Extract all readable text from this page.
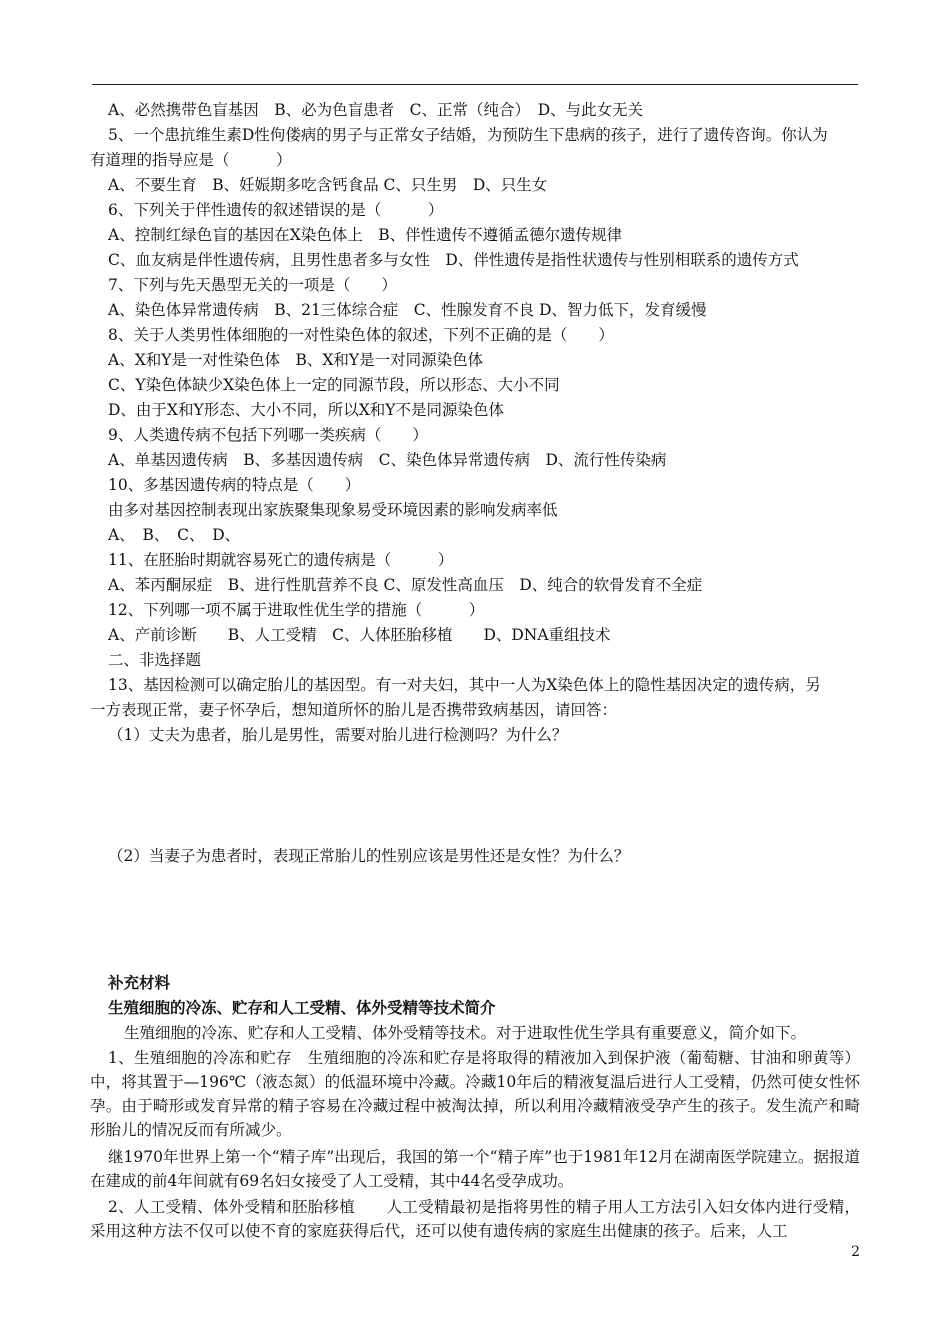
A、必然携带色盲基因　B、必为色盲患者　C、正常（纯合）　D、与此女无关
5、一个患抗维生素D性佝偻病的男子与正常女子结婚，为预防生下患病的孩子，进行了遗传咨询。你认为
有道理的指导应是（　　　）
A、不要生育　B、妊娠期多吃含钙食品 C、只生男　D、只生女
6、下列关于伴性遗传的叙述错误的是（　　　）
A、控制红绿色盲的基因在X染色体上　B、伴性遗传不遵循孟德尔遗传规律
C、血友病是伴性遗传病，且男性患者多与女性　D、伴性遗传是指性状遗传与性别相联系的遗传方式
7、下列与先天愚型无关的一项是（　　）
A、染色体异常遗传病　B、21三体综合症　C、性腺发育不良 D、智力低下，发育缓慢
8、关于人类男性体细胞的一对性染色体的叙述，下列不正确的是（　　）
A、X和Y是一对性染色体　B、X和Y是一对同源染色体
C、Y染色体缺少X染色体上一定的同源节段，所以形态、大小不同
D、由于X和Y形态、大小不同，所以X和Y不是同源染色体
9、人类遗传病不包括下列哪一类疾病（　　）
A、单基因遗传病　B、多基因遗传病　C、染色体异常遗传病　D、流行性传染病
10、多基因遗传病的特点是（　　）
由多对基因控制表现出家族聚集现象易受环境因素的影响发病率低
A、　B、　C、　D、
11、在胚胎时期就容易死亡的遗传病是（　　　）
A、苯丙酮尿症　B、进行性肌营养不良 C、原发性高血压　D、纯合的软骨发育不全症
12、下列哪一项不属于进取性优生学的措施（　　　）
A、产前诊断　　B、人工受精　C、人体胚胎移植　　D、DNA重组技术
二、非选择题
13、基因检测可以确定胎儿的基因型。有一对夫妇，其中一人为X染色体上的隐性基因决定的遗传病，另
一方表现正常，妻子怀孕后，想知道所怀的胎儿是否携带致病基因，请回答：
（1）丈夫为患者，胎儿是男性，需要对胎儿进行检测吗？为什么？
（2）当妻子为患者时，表现正常胎儿的性别应该是男性还是女性？为什么？
补充材料
生殖细胞的冷冻、贮存和人工受精、体外受精等技术简介
生殖细胞的冷冻、贮存和人工受精、体外受精等技术。对于进取性优生学具有重要意义，简介如下。
1、生殖细胞的冷冻和贮存　生殖细胞的冷冻和贮存是将取得的精液加入到保护液（葡萄糖、甘油和卵黄等）中，将其置于—196℃（液态氮）的低温环境中冷藏。冷藏10年后的精液复温后进行人工受精，仍然可使女性怀孕。由于畸形或发育异常的精子容易在冷藏过程中被淘汰掉，所以利用冷藏精液受孕产生的孩子。发生流产和畸形胎儿的情况反而有所减少。
继1970年世界上第一个“精子库”出现后，我国的第一个“精子库”也于1981年12月在湖南医学院建立。据报道在建成的前4年间就有69名妇女接受了人工受精，其中44名受孕成功。
2、人工受精、体外受精和胚胎移植　　人工受精最初是指将男性的精子用人工方法引入妇女体内进行受精，采用这种方法不仅可以使不育的家庭获得后代，还可以使有遗传病的家庭生出健康的孩子。后来，人工
2
